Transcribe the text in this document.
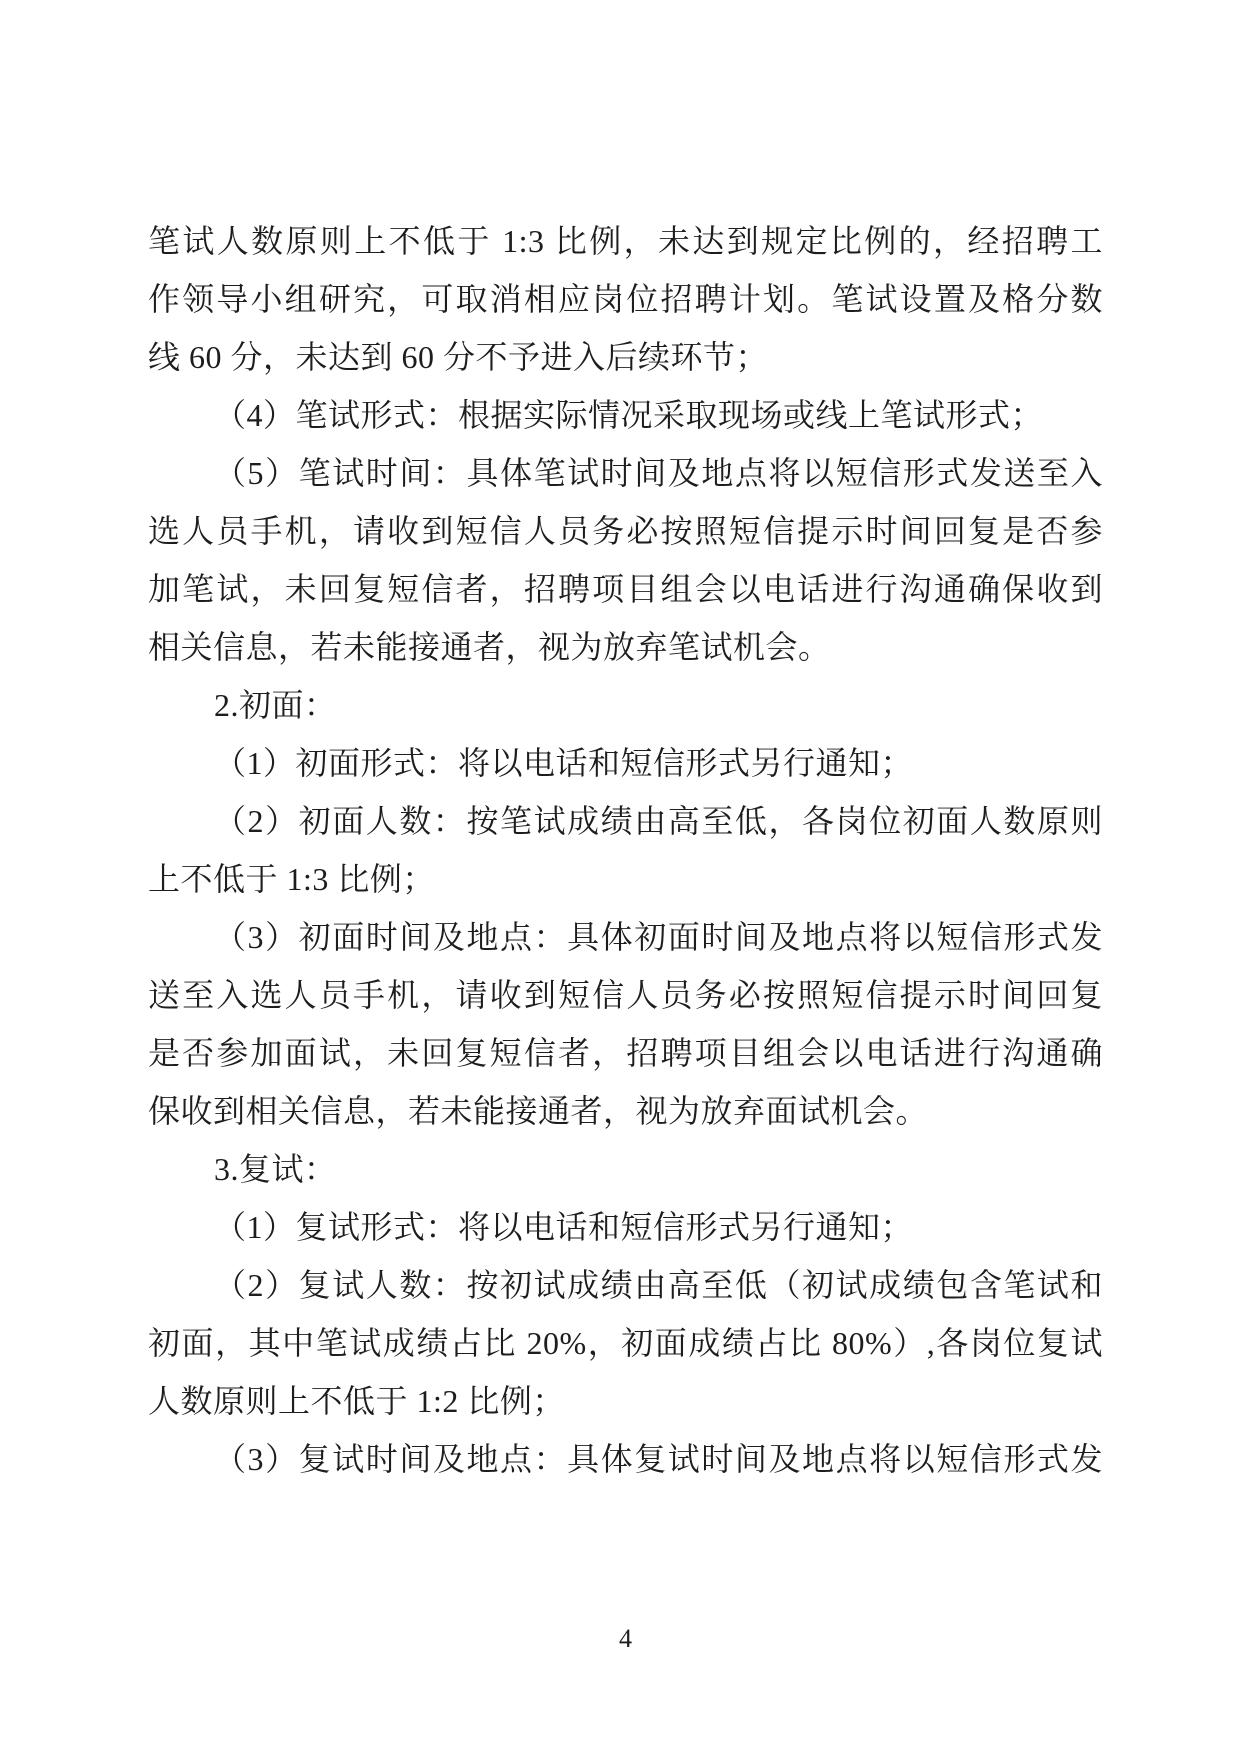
笔试人数原则上不低于 1:3 比例，未达到规定比例的，经招聘工
作领导小组研究，可取消相应岗位招聘计划。笔试设置及格分数
线 60 分，未达到 60 分不予进入后续环节；
（4）笔试形式：根据实际情况采取现场或线上笔试形式；
（5）笔试时间：具体笔试时间及地点将以短信形式发送至入
选人员手机，请收到短信人员务必按照短信提示时间回复是否参
加笔试，未回复短信者，招聘项目组会以电话进行沟通确保收到
相关信息，若未能接通者，视为放弃笔试机会。
2.初面：
（1）初面形式：将以电话和短信形式另行通知；
（2）初面人数：按笔试成绩由高至低，各岗位初面人数原则
上不低于 1:3 比例；
（3）初面时间及地点：具体初面时间及地点将以短信形式发
送至入选人员手机，请收到短信人员务必按照短信提示时间回复
是否参加面试，未回复短信者，招聘项目组会以电话进行沟通确
保收到相关信息，若未能接通者，视为放弃面试机会。
3.复试：
（1）复试形式：将以电话和短信形式另行通知；
（2）复试人数：按初试成绩由高至低（初试成绩包含笔试和
初面，其中笔试成绩占比 20%，初面成绩占比 80%）,各岗位复试
人数原则上不低于 1:2 比例；
（3）复试时间及地点：具体复试时间及地点将以短信形式发
4
